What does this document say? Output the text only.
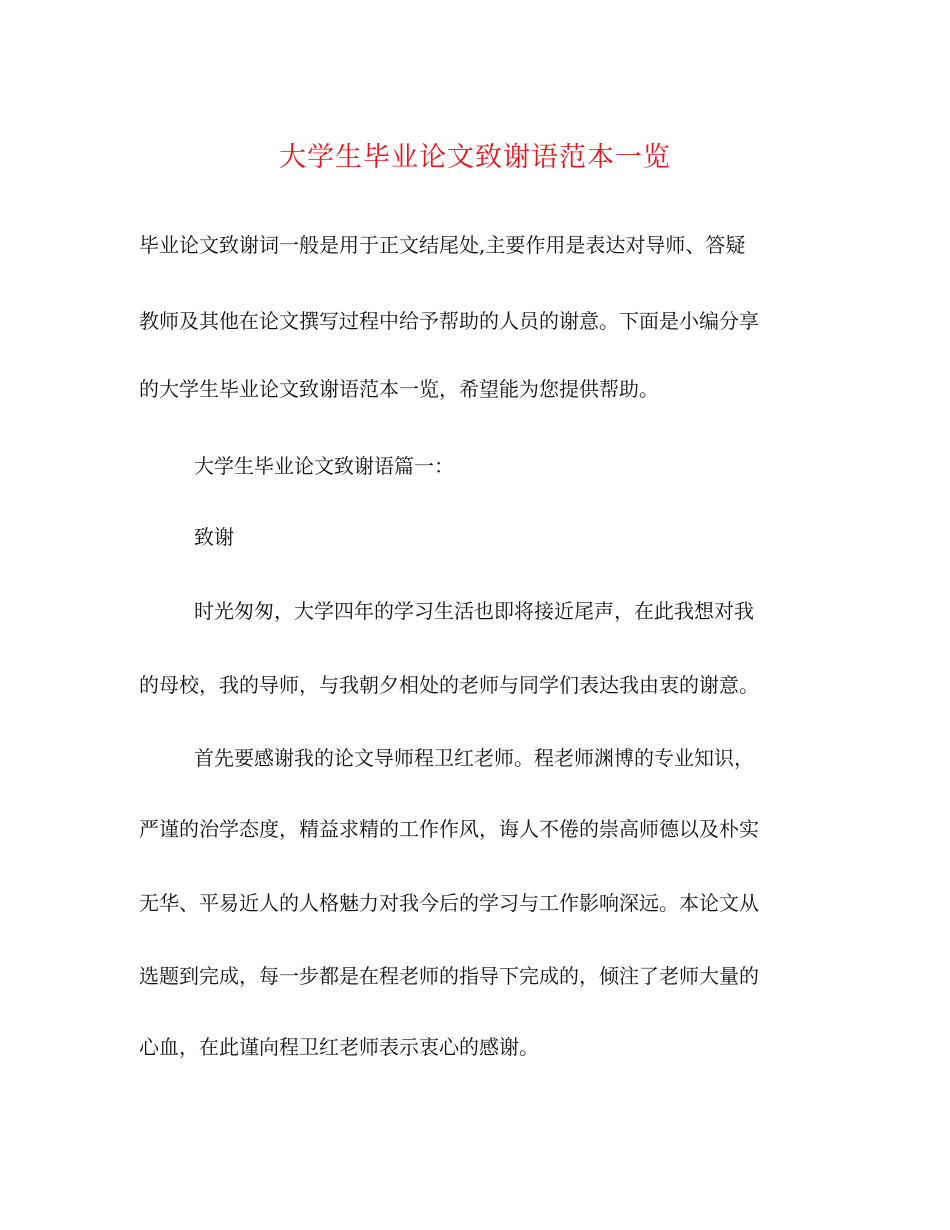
大学生毕业论文致谢语范本一览

毕业论文致谢词一般是用于正文结尾处,主要作用是表达对导师、答疑

教师及其他在论文撰写过程中给予帮助的人员的谢意。下面是小编分享

的大学生毕业论文致谢语范本一览，希望能为您提供帮助。

大学生毕业论文致谢语篇一：

致谢

时光匆匆，大学四年的学习生活也即将接近尾声，在此我想对我

的母校，我的导师，与我朝夕相处的老师与同学们表达我由衷的谢意。

首先要感谢我的论文导师程卫红老师。程老师渊博的专业知识，

严谨的治学态度，精益求精的工作作风，诲人不倦的崇高师德以及朴实

无华、平易近人的人格魅力对我今后的学习与工作影响深远。本论文从

选题到完成，每一步都是在程老师的指导下完成的，倾注了老师大量的

心血，在此谨向程卫红老师表示衷心的感谢。
